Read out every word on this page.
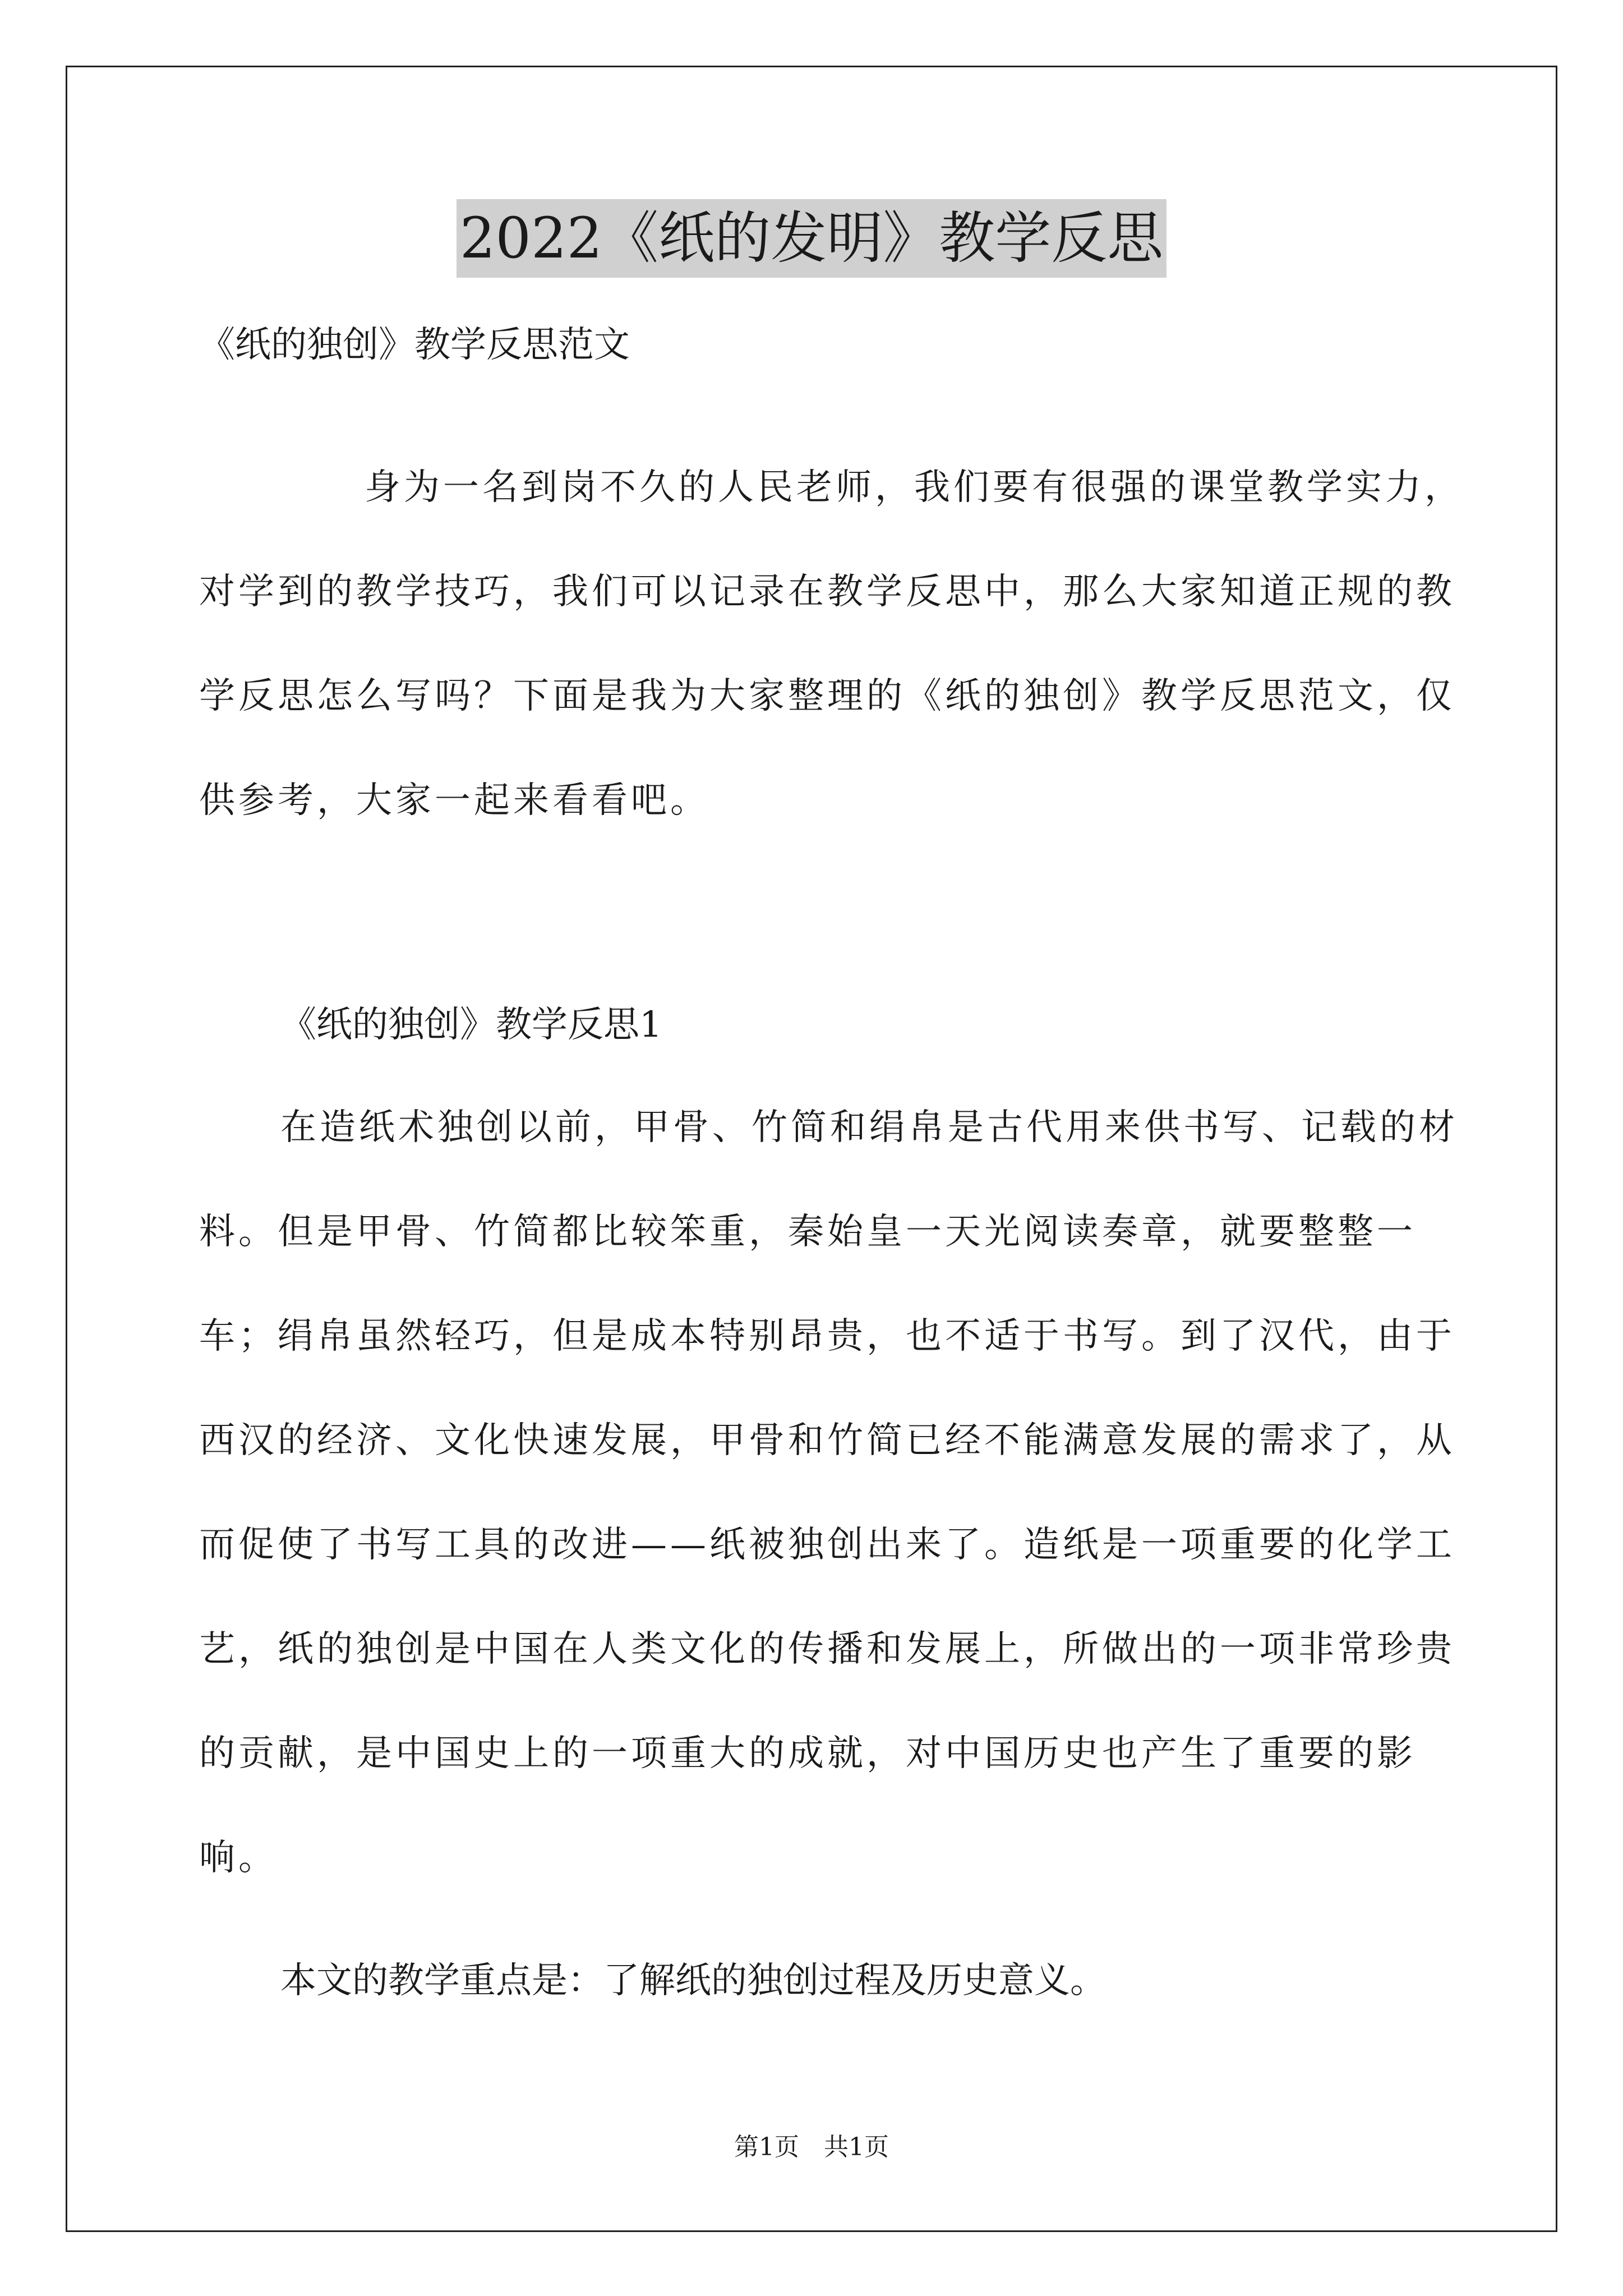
2022《纸的发明》教学反思
《纸的独创》教学反思范文
身为一名到岗不久的人民老师，我们要有很强的课堂教学实力，对学到的教学技巧，我们可以记录在教学反思中，那么大家知道正规的教学反思怎么写吗？下面是我为大家整理的《纸的独创》教学反思范文，仅供参考，大家一起来看看吧。
《纸的独创》教学反思1
在造纸术独创以前，甲骨、竹简和绢帛是古代用来供书写、记载的材料。但是甲骨、竹简都比较笨重，秦始皇一天光阅读奏章，就要整整一车；绢帛虽然轻巧，但是成本特别昂贵，也不适于书写。到了汉代，由于西汉的经济、文化快速发展，甲骨和竹简已经不能满意发展的需求了，从而促使了书写工具的改进——纸被独创出来了。造纸是一项重要的化学工艺，纸的独创是中国在人类文化的传播和发展上，所做出的一项非常珍贵的贡献，是中国史上的一项重大的成就，对中国历史也产生了重要的影响。
本文的教学重点是：了解纸的独创过程及历史意义。
第1页　共1页
